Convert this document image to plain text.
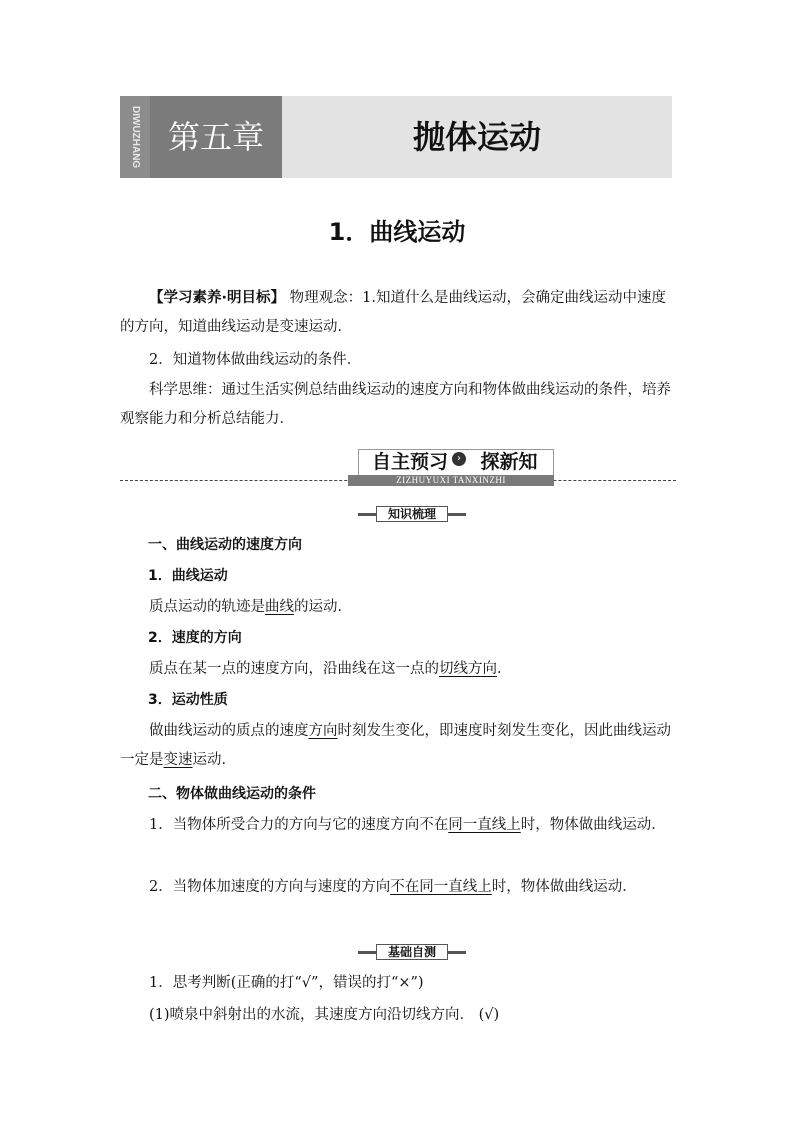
DIWUZHANG 第五章	抛体运动
1．曲线运动
【学习素养·明目标】 物理观念：1.知道什么是曲线运动，会确定曲线运动中速度的方向，知道曲线运动是变速运动．
2．知道物体做曲线运动的条件．
科学思维：通过生活实例总结曲线运动的速度方向和物体做曲线运动的条件，培养观察能力和分析总结能力．
自主预习 ›	探新知
ZIZHUYUXI TANXINZHI
知识梳理
一、曲线运动的速度方向
1．曲线运动
质点运动的轨迹是曲线的运动．
2．速度的方向
质点在某一点的速度方向，沿曲线在这一点的切线方向．
3．运动性质
做曲线运动的质点的速度方向时刻发生变化，即速度时刻发生变化，因此曲线运动一定是变速运动．
二、物体做曲线运动的条件
1．当物体所受合力的方向与它的速度方向不在同一直线上时，物体做曲线运动．
2．当物体加速度的方向与速度的方向不在同一直线上时，物体做曲线运动．
基础自测
1．思考判断(正确的打“√”，错误的打“×”)
(1)喷泉中斜射出的水流，其速度方向沿切线方向． (√)
